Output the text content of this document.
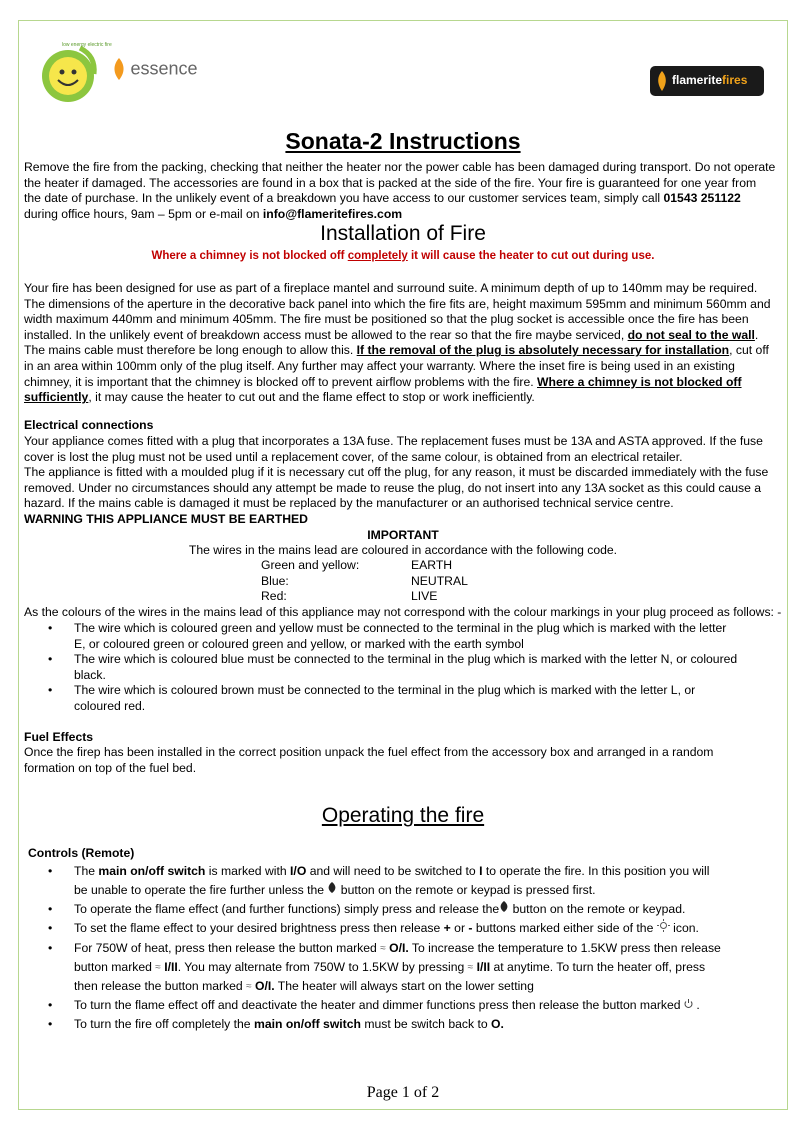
low energy electric fire
essence
flameritefires
Sonata-2 Instructions
Remove the fire from the packing, checking that neither the heater nor the power cable has been damaged during transport. Do not operate the heater if damaged. The accessories are found in a box that is packed at the side of the fire. Your fire is guaranteed for one year from the date of purchase. In the unlikely event of a breakdown you have access to our customer services team, simply call 01543 251122 during office hours, 9am – 5pm or e-mail on info@flameritefires.com
Installation of Fire
Where a chimney is not blocked off completely it will cause the heater to cut out during use.
Your fire has been designed for use as part of a fireplace mantel and surround suite. A minimum depth of up to 140mm may be required. The dimensions of the aperture in the decorative back panel into which the fire fits are, height maximum 595mm and minimum 560mm and width maximum 440mm and minimum 405mm. The fire must be positioned so that the plug socket is accessible once the fire has been installed. In the unlikely event of breakdown access must be allowed to the rear so that the fire maybe serviced, do not seal to the wall. The mains cable must therefore be long enough to allow this. If the removal of the plug is absolutely necessary for installation, cut off in an area within 100mm only of the plug itself. Any further may affect your warranty. Where the inset fire is being used in an existing chimney, it is important that the chimney is blocked off to prevent airflow problems with the fire. Where a chimney is not blocked off sufficiently, it may cause the heater to cut out and the flame effect to stop or work inefficiently.
Electrical connections
Your appliance comes fitted with a plug that incorporates a 13A fuse. The replacement fuses must be 13A and ASTA approved. If the fuse cover is lost the plug must not be used until a replacement cover, of the same colour, is obtained from an electrical retailer.
The appliance is fitted with a moulded plug if it is necessary cut off the plug, for any reason, it must be discarded immediately with the fuse removed. Under no circumstances should any attempt be made to reuse the plug, do not insert into any 13A socket as this could cause a hazard. If the mains cable is damaged it must be replaced by the manufacturer or an authorised technical service centre.
WARNING THIS APPLIANCE MUST BE EARTHED
IMPORTANT
The wires in the mains lead are coloured in accordance with the following code.
Green and yellow:	EARTH
Blue:	NEUTRAL
Red:	LIVE
As the colours of the wires in the mains lead of this appliance may not correspond with the colour markings in your plug proceed as follows: -
• The wire which is coloured green and yellow must be connected to the terminal in the plug which is marked with the letter E, or coloured green or coloured green and yellow, or marked with the earth symbol
• The wire which is coloured blue must be connected to the terminal in the plug which is marked with the letter N, or coloured black.
• The wire which is coloured brown must be connected to the terminal in the plug which is marked with the letter L, or coloured red.
Fuel Effects
Once the firep has been installed in the correct position unpack the fuel effect from the accessory box and arranged in a random formation on top of the fuel bed.
Operating the fire
Controls (Remote)
• The main on/off switch is marked with I/O and will need to be switched to I to operate the fire. In this position you will be unable to operate the fire further unless the  button on the remote or keypad is pressed first.
• To operate the flame effect (and further functions) simply press and release the button on the remote or keypad.
• To set the flame effect to your desired brightness press then release + or - buttons marked either side of the  icon.
• For 750W of heat, press then release the button marked ≈ O/I. To increase the temperature to 1.5KW press then release button marked ≈ I/II. You may alternate from 750W to 1.5KW by pressing ≈ I/II at anytime. To turn the heater off, press then release the button marked ≈ O/I. The heater will always start on the lower setting
• To turn the flame effect off and deactivate the heater and dimmer functions press then release the button marked  .
• To turn the fire off completely the main on/off switch must be switch back to O.
Page 1 of 2
